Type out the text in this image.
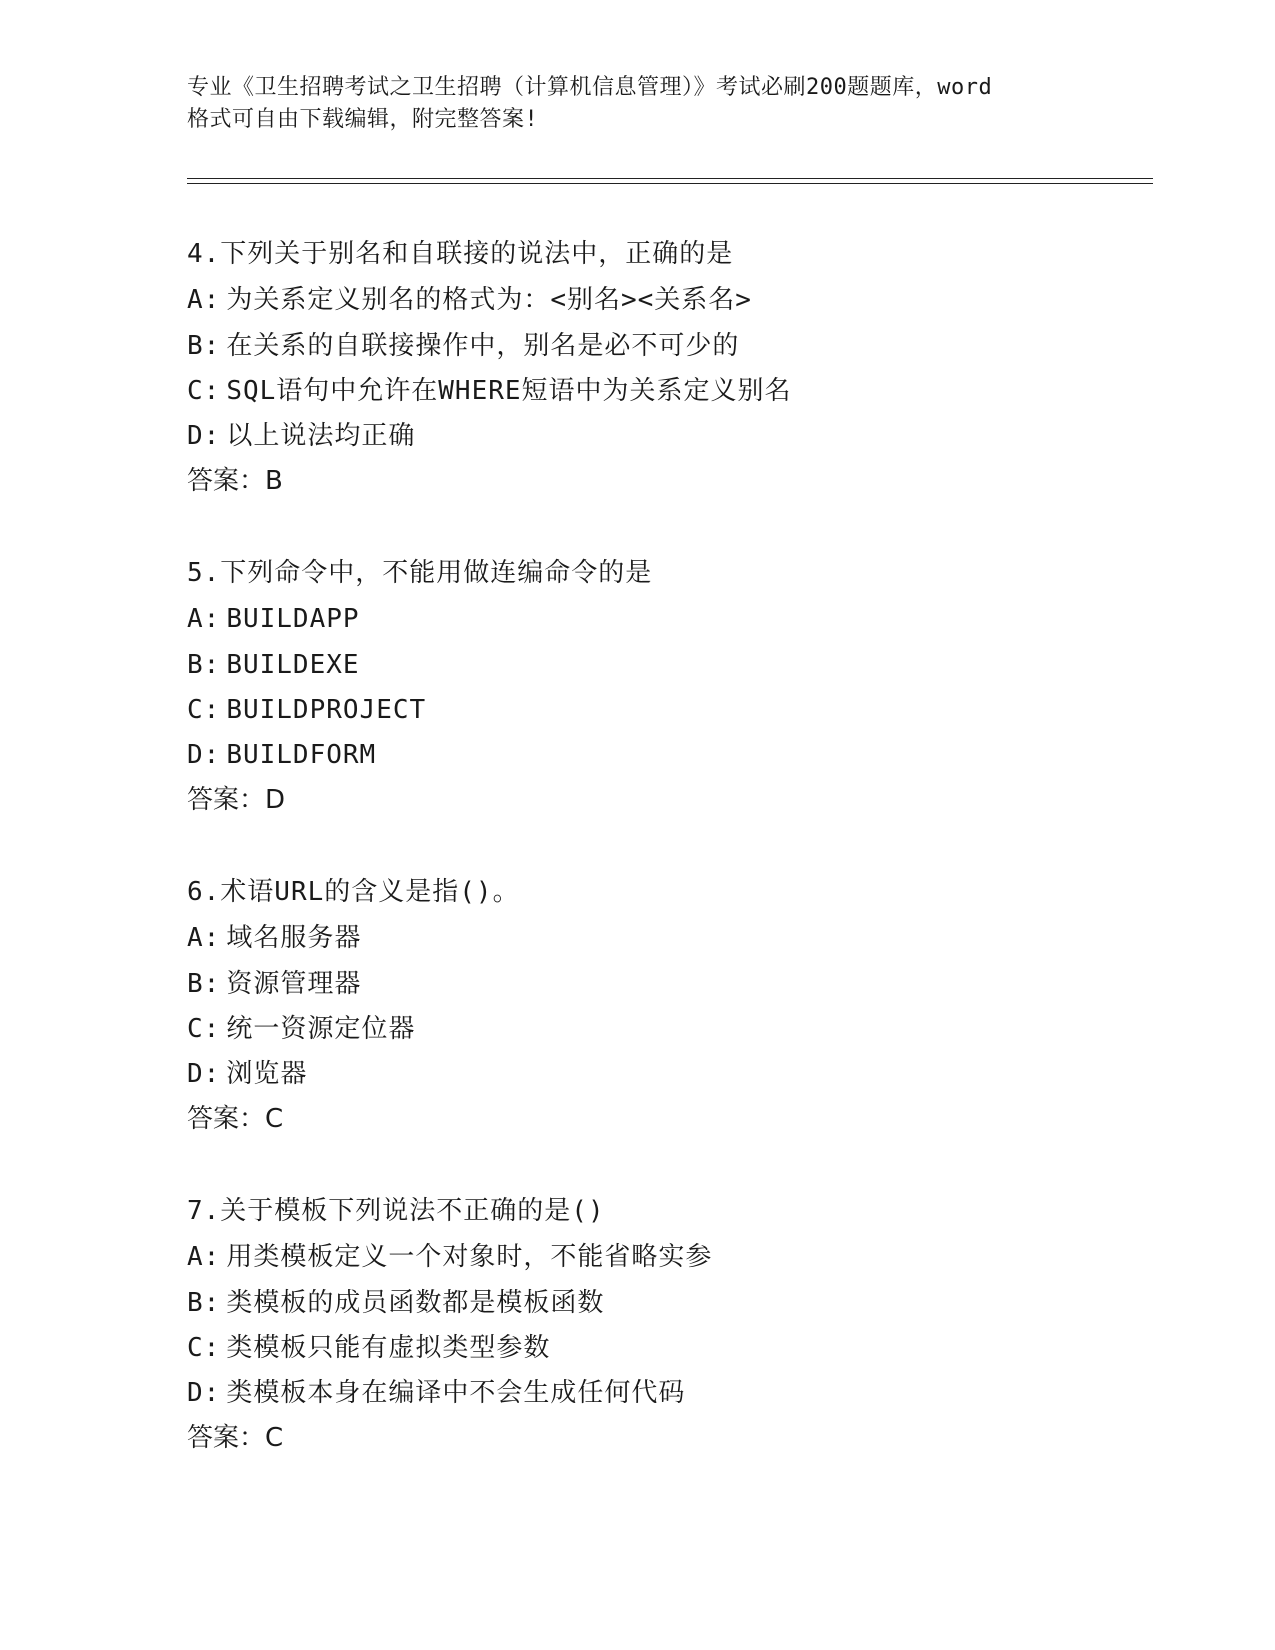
专业《卫生招聘考试之卫生招聘（计算机信息管理）》考试必刷200题题库，word
格式可自由下载编辑，附完整答案!
4.下列关于别名和自联接的说法中，正确的是
A: 为关系定义别名的格式为：<别名><关系名>
B: 在关系的自联接操作中，别名是必不可少的
C: SQL语句中允许在WHERE短语中为关系定义别名
D: 以上说法均正确
答案：B
5.下列命令中，不能用做连编命令的是
A: BUILDAPP
B: BUILDEXE
C: BUILDPROJECT
D: BUILDFORM
答案：D
6.术语URL的含义是指()。
A: 域名服务器
B: 资源管理器
C: 统一资源定位器
D: 浏览器
答案：C
7.关于模板下列说法不正确的是()
A: 用类模板定义一个对象时，不能省略实参
B: 类模板的成员函数都是模板函数
C: 类模板只能有虚拟类型参数
D: 类模板本身在编译中不会生成任何代码
答案：C
